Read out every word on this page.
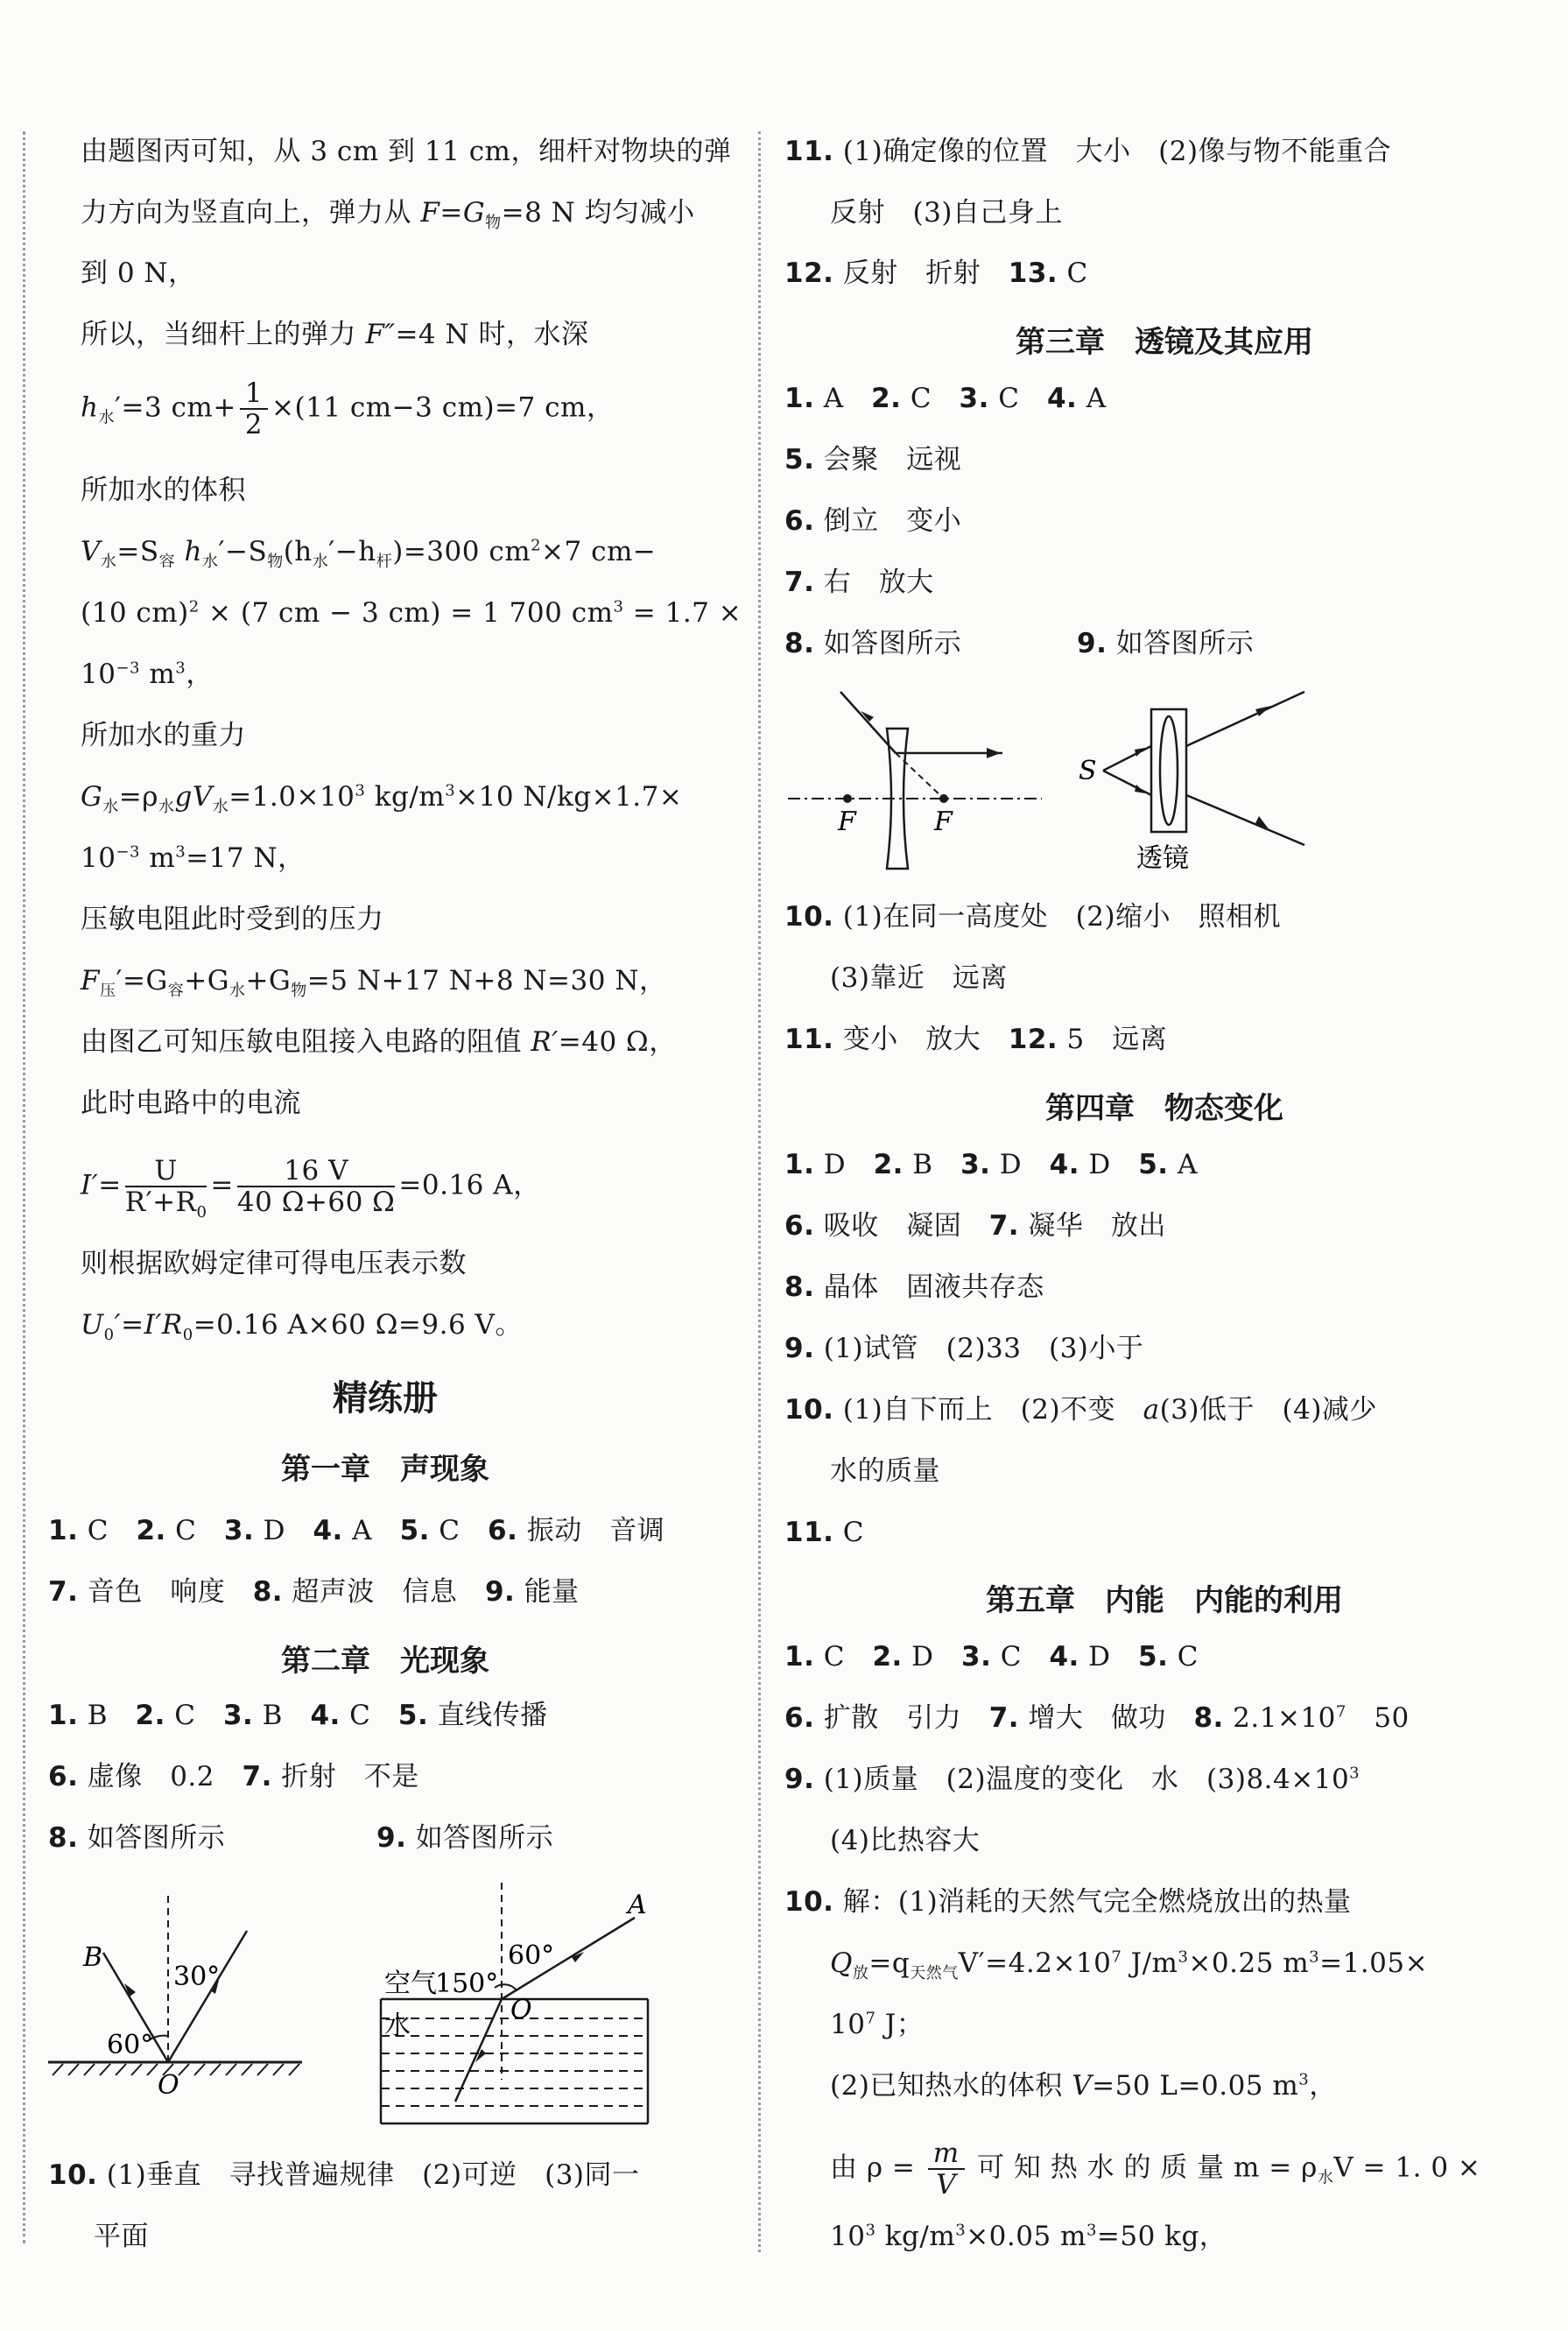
由题图丙可知，从 3 cm 到 11 cm，细杆对物块的弹
力方向为竖直向上，弹力从 $F=G_物=8$ N 均匀减小
到 0 N，
所以，当细杆上的弹力 F″=4 N 时，水深
$h_水'=3$ $cm+ \frac{1}{2} \times(11$ cm−3 cm)=7 cm，
所加水的体积
$V_水=S_容$ $h_水'-S_物(h_水'-h_杆)=300$ $cm^2\times 7$ cm−
(10 cm)$^2$ × (7 cm − 3 cm) = 1 700 $cm^3 = 1.7$ ×
$10^{-3}$ $m^3$，
所加水的重力
$G_水=\rho_水gV_水=1.0\times 10^3$ $kg/m^3\times 10$ N/kg×1.7×
$10^{-3}$ $m^3=17$ N，
压敏电阻此时受到的压力
$F_压'=G_容+G_水+G_物=5$ N+17 N+8 N=30 N，
由图乙可知压敏电阻接入电路的阻值 R′=40 Ω，
此时电路中的电流
$I'= \frac{U}{R'+R_0} = \frac{16 V}{40 \Omega+60 \Omega} =0.16$ A，
则根据欧姆定律可得电压表示数
$U_0'=I'R_0=0.16$ A×60 Ω=9.6 V。
精练册
第一章　声现象
1. C　2. C　3. D　4. A　5. C　6. 振动　音调
7. 音色　响度　8. 超声波　信息　9. 能量
第二章　光现象
1. B　2. C　3. B　4. C　5. 直线传播
6. 虚像　0.2　7. 折射　不是
8. 如答图所示	9. 如答图所示
B
30°
60°
O
A
空气
150°
60°
O
水
10. (1)垂直　寻找普遍规律　(2)可逆　(3)同一
平面
11. (1)确定像的位置　大小　(2)像与物不能重合
反射　(3)自己身上
12. 反射　折射　13. C
第三章　透镜及其应用
1. A　2. C　3. C　4. A
5. 会聚　远视
6. 倒立　变小
7. 右　放大
8. 如答图所示	9. 如答图所示
F	F
S
透镜
10. (1)在同一高度处　(2)缩小　照相机
(3)靠近　远离
11. 变小　放大　12. 5　远离
第四章　物态变化
1. D　2. B　3. D　4. D　5. A
6. 吸收　凝固　7. 凝华　放出
8. 晶体　固液共存态
9. (1)试管　(2)33　(3)小于
10. (1)自下而上　(2)不变　a(3)低于　(4)减少
水的质量
11. C
第五章　内能　内能的利用
1. C　2. D　3. C　4. D　5. C
6. 扩散　引力　7. 增大　做功　8. $2.1\times 10^7$　50
9. (1)质量　(2)温度的变化　水　$(3)8.4\times 10^3$
(4)比热容大
10. 解：(1)消耗的天然气完全燃烧放出的热量
$Q_放=q_{天然气}V'=4.2\times 10^7$ $J/m^3\times 0.25$ $m^3=1.05\times$
$10^7$ J；
(2)已知热水的体积 V=50 L=0.05 $m^3$，
由 $\rho = \frac{m}{V}$ 可 知 热 水 的 质 量 $m = \rho_水V = 1$. 0 ×
$10^3$ $kg/m^3\times 0.05$ $m^3=50$ kg，
